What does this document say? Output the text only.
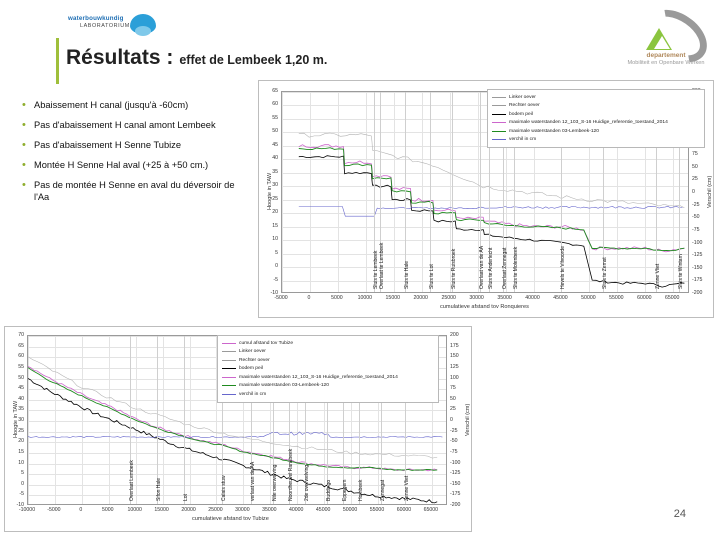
waterbouwkundig
LABORATORIUM
departement
Mobiliteit en Openbare Werken
Résultats : effet de Lembeek 1,20 m.
• Abaissement H canal (jusqu'à -60cm)
• Pas d'abaissement H canal amont Lembeek
• Pas d'abaissement H Senne Tubize
• Montée H Senne Hal aval (+25 à +50 cm.)
• Pas de montée H Senne en aval du déversoir de l'Aa
24
-5000	0	5000	10000	15000	20000	25000	30000	35000	40000	45000	50000	55000	60000	65000
-10
-5
0
5
10
15
20
25
30
35
40
45
50
55
60
65
-200
-175
-150
-125
-100
-75
-50
-25
0
25
50
75
cumulatieve afstand tov Ronquieres
Hoogte in TAW	Verschil (cm)
Sluis te Lembeek	Sluis te Hale	Sluis te Lot	Sluis te Ruisbroek	Sluis te Anderlecht	Sluis te Molenbeek	Sluis te Zemst	Sluis te Wintam
Overlaat te Lembeek	Overlaat van de AA	Overlaat Zennegat	Hevels te Vilvoorde	Zenne Vliet
Linker oever
Rechter oever
bodem peil
maximale waterstanden 12_103_S-16 Huidige_referentie_toestand_2014
maximale waterstanden 03-Lembeek-120
verchil in cm
-10000	-5000	0	5000	10000	15000	20000	25000	30000	35000	40000	45000	50000	55000	60000	65000
-10
-5
0
5
10
15
20
25
30
35
40
45
50
55
60
65
70
-200
-175
-150
-125
-100
-75
-50
-25
0
25
50
75
100
125
150
175
200
cumulatieve afstand tov Tubize
Hoogte in TAW	Verschil (cm)
Overlaat Lembeek	Sifon Hale	Lot	Calais stuw	verlaat van de AA	Nile overwelving Noordheuvel Ransbeek 2de overwelving	Buddingo Eppegem Hombeek	Zennegat	Zenne Vliet
cumul afstand tov Tubize
Linker oever
Rechter oever
bodem peil
maximale waterstanden 12_103_S-16 Huidige_referentie_toestand_2014
maximale waterstanden 03-Lembeek-120
verchil in cm
